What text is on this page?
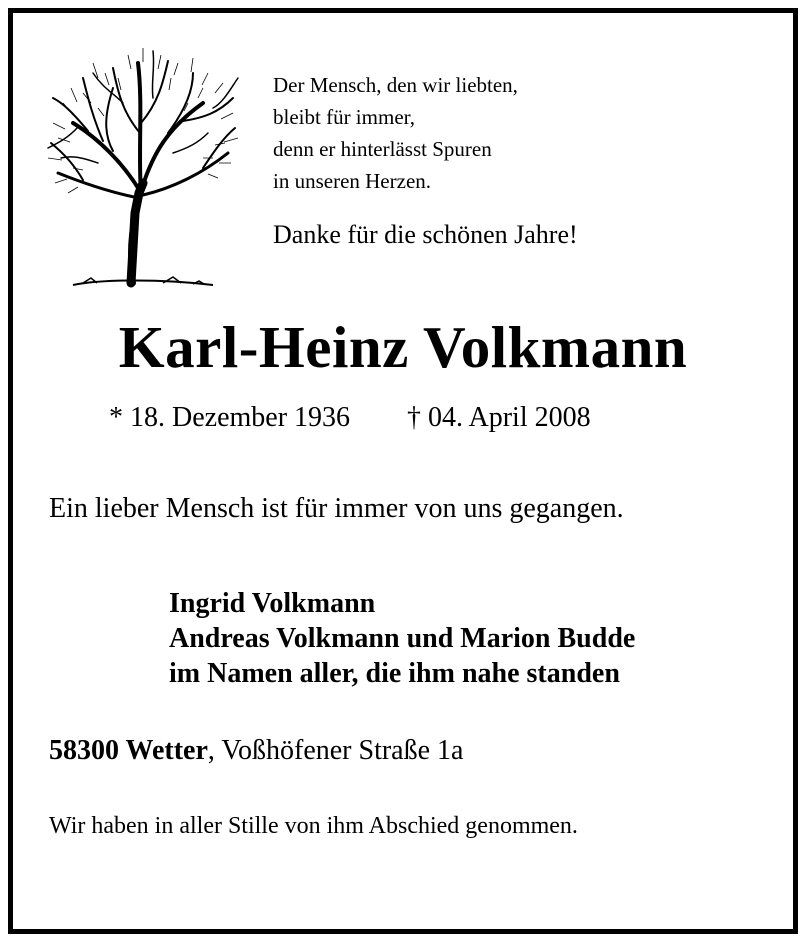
Der Mensch, den wir liebten,
bleibt für immer,
denn er hinterlässt Spuren
in unseren Herzen.
Danke für die schönen Jahre!
Karl-Heinz Volkmann
* 18. Dezember 1936 † 04. April 2008
Ein lieber Mensch ist für immer von uns gegangen.
Ingrid Volkmann
Andreas Volkmann und Marion Budde
im Namen aller, die ihm nahe standen
58300 Wetter, Voßhöfener Straße 1a
Wir haben in aller Stille von ihm Abschied genommen.
